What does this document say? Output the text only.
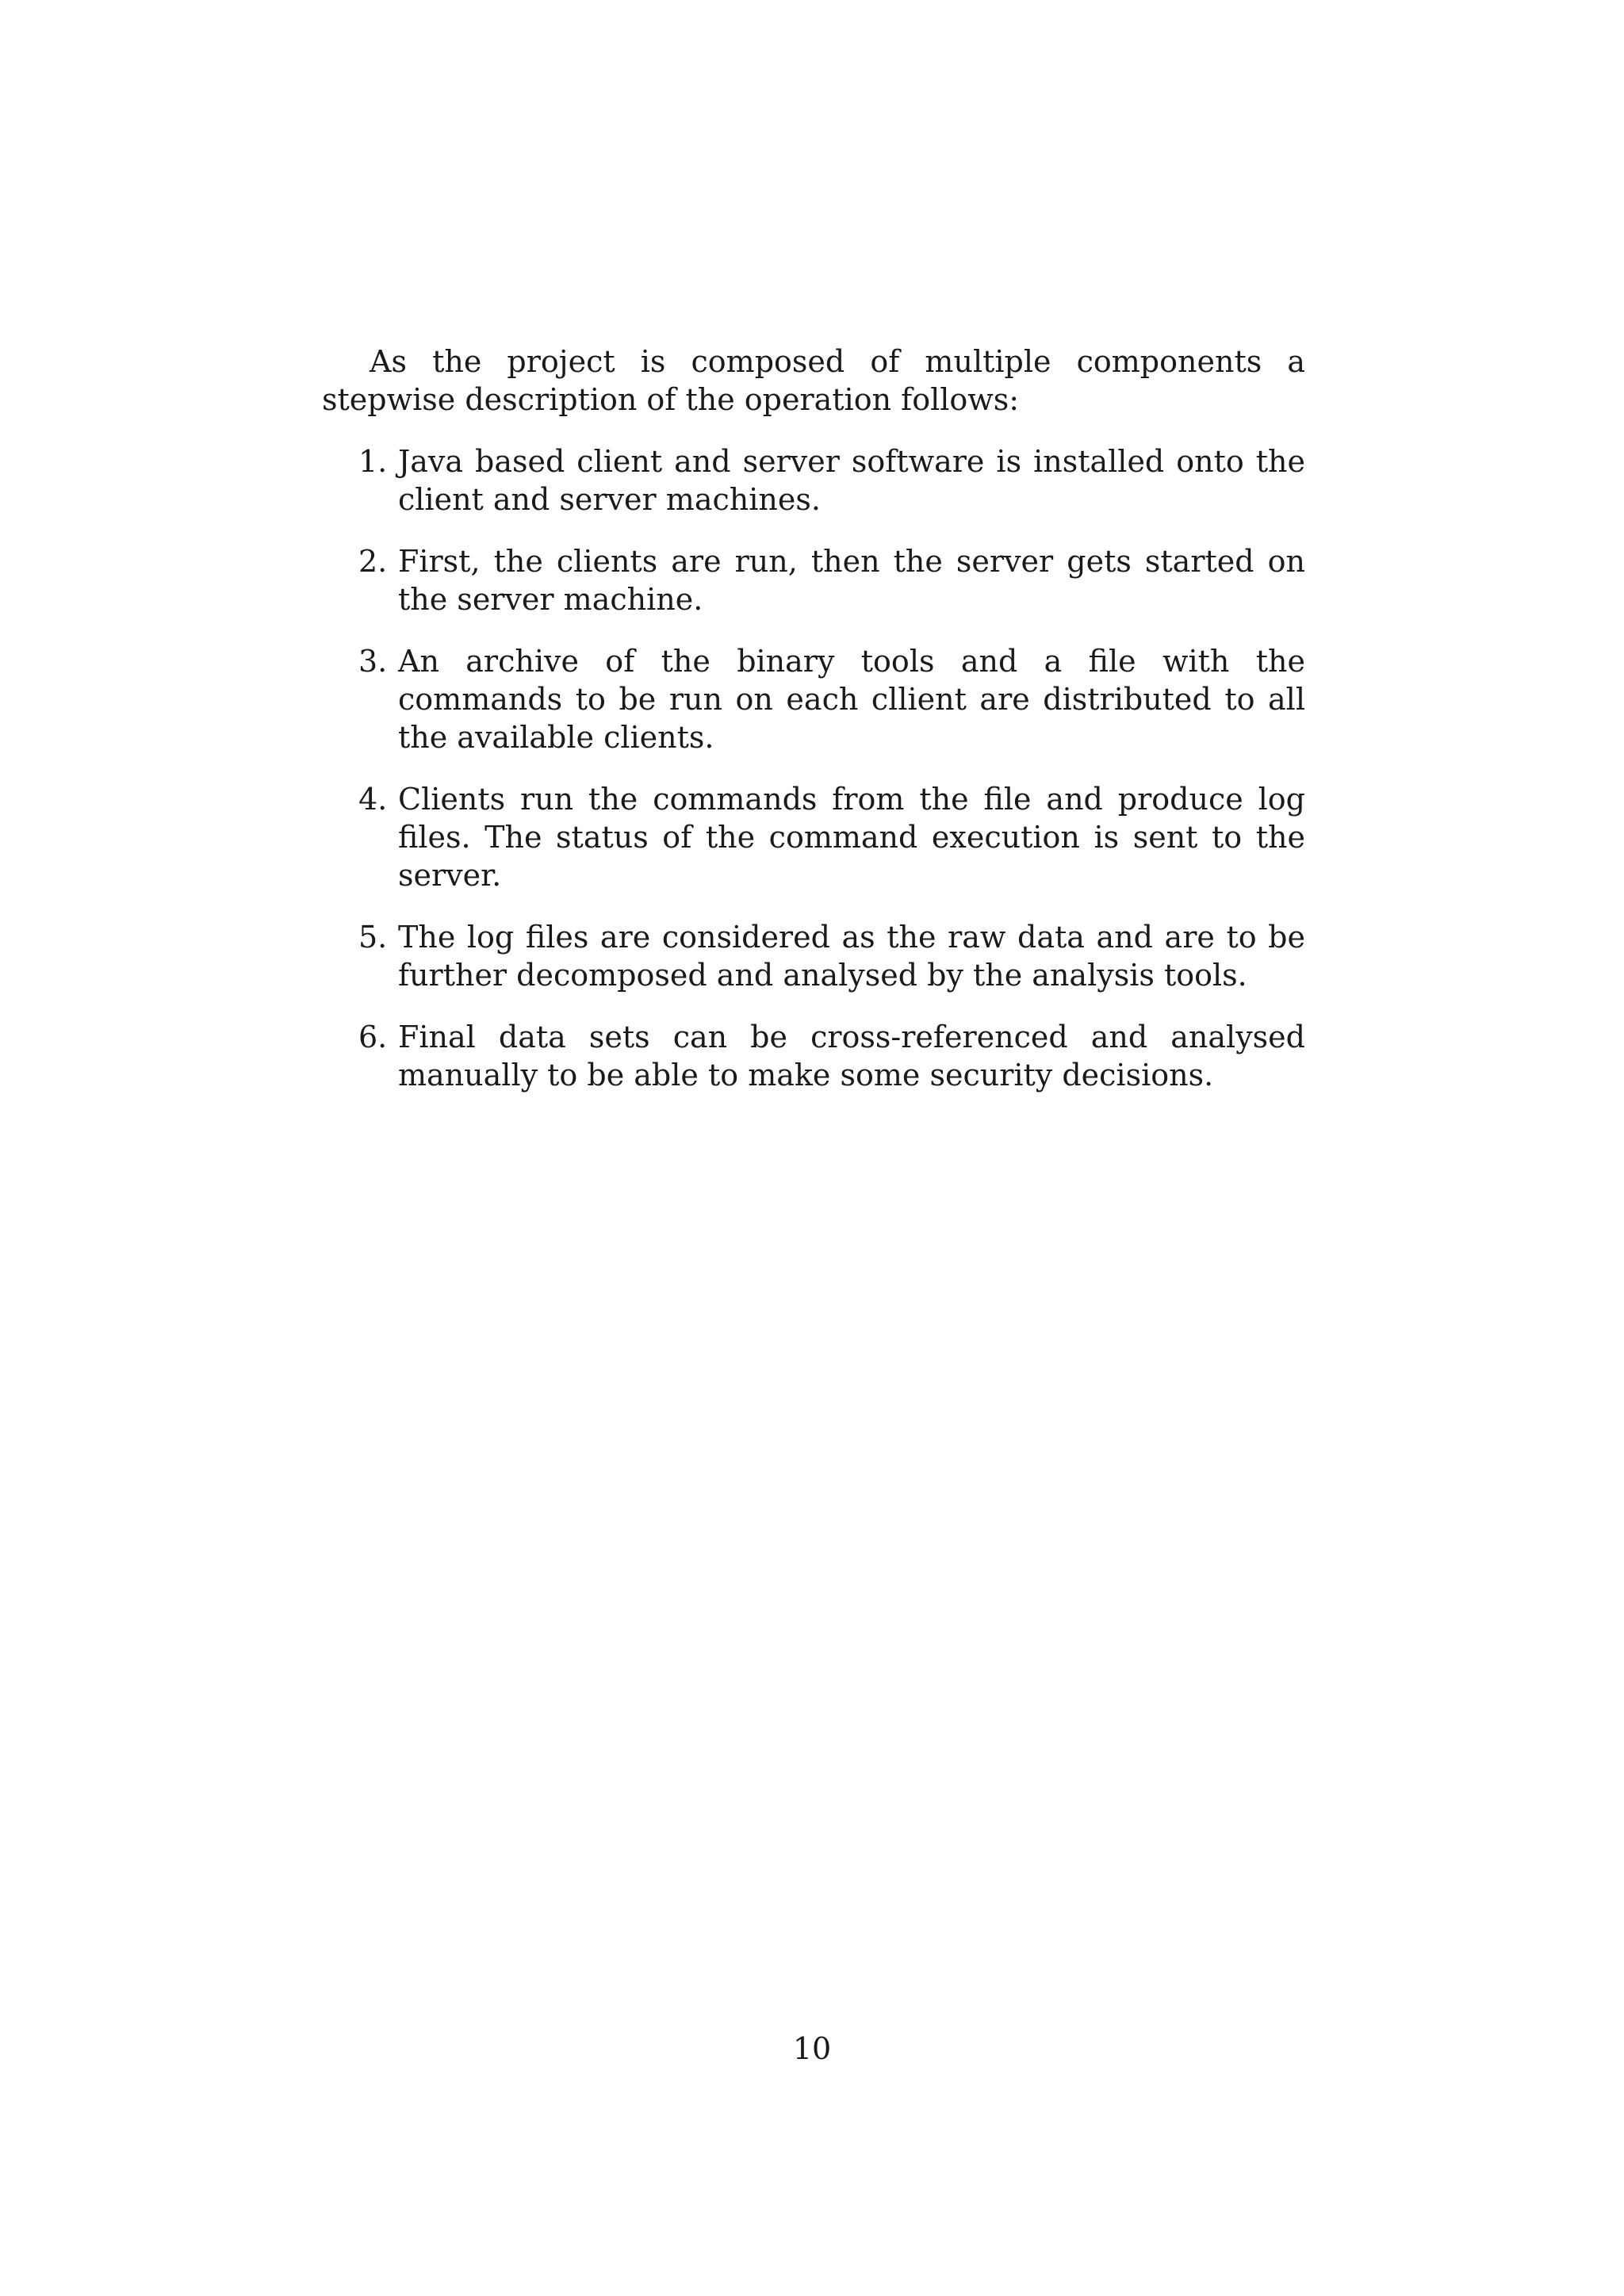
As the project is composed of multiple components a stepwise description of the operation follows:

1. Java based client and server software is installed onto the client and server machines.
2. First, the clients are run, then the server gets started on the server machine.
3. An archive of the binary tools and a file with the commands to be run on each cllient are distributed to all the available clients.
4. Clients run the commands from the file and produce log files. The status of the command execution is sent to the server.
5. The log files are considered as the raw data and are to be further decomposed and analysed by the analysis tools.
6. Final data sets can be cross-referenced and analysed manually to be able to make some security decisions.
10
